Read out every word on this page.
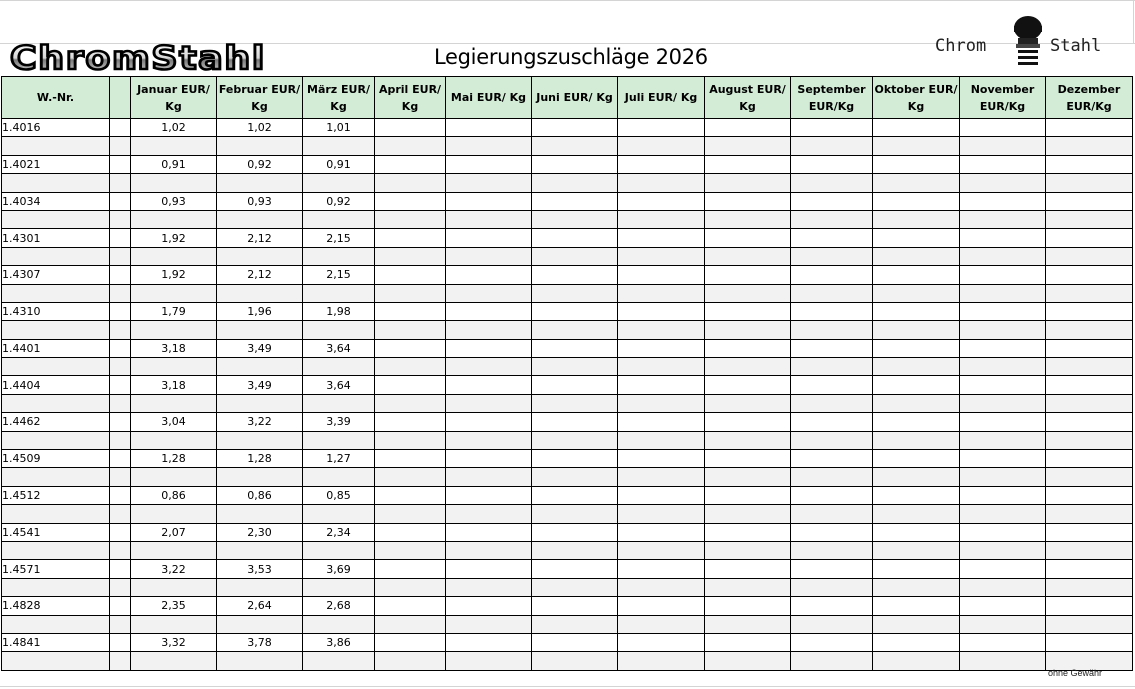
ChromStahl	Legierungszuschläge 2026	Chrom	Stahl
W.-Nr.		Januar EUR/ Kg	Februar EUR/ Kg	März EUR/ Kg	April EUR/ Kg	Mai EUR/ Kg	Juni EUR/ Kg	Juli EUR/ Kg	August EUR/ Kg	September EUR/Kg	Oktober EUR/ Kg	November EUR/Kg	Dezember EUR/Kg
1.4016		1,02	1,02	1,01									

1.4021		0,91	0,92	0,91									

1.4034		0,93	0,93	0,92									

1.4301		1,92	2,12	2,15									

1.4307		1,92	2,12	2,15									

1.4310		1,79	1,96	1,98									

1.4401		3,18	3,49	3,64									

1.4404		3,18	3,49	3,64									

1.4462		3,04	3,22	3,39									

1.4509		1,28	1,28	1,27									

1.4512		0,86	0,86	0,85									

1.4541		2,07	2,30	2,34									

1.4571		3,22	3,53	3,69									

1.4828		2,35	2,64	2,68									

1.4841		3,32	3,78	3,86									

ohne Gewähr
